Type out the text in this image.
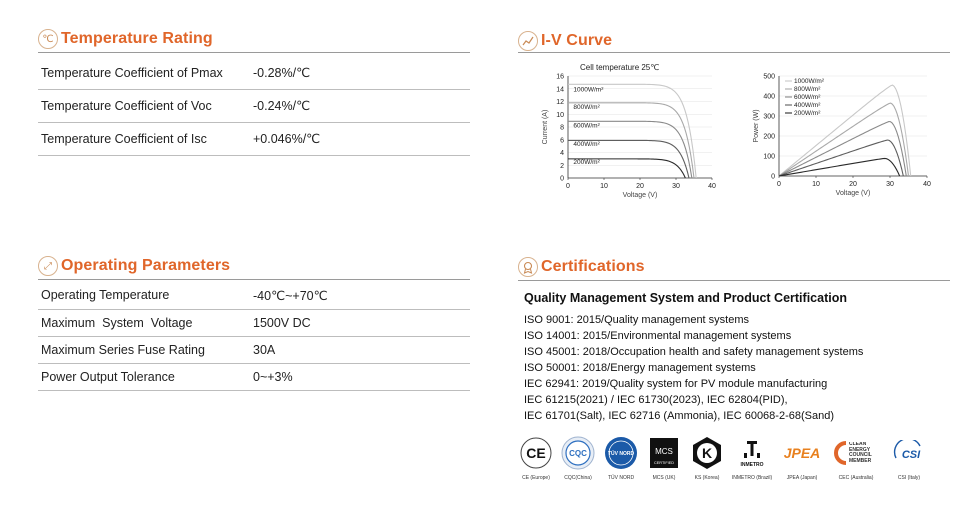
℃ Temperature Rating
Temperature Coefficient of Pmax	-0.28%/℃
Temperature Coefficient of Voc	-0.24%/℃
Temperature Coefficient of Isc	+0.046%/℃
⤢ Operating Parameters
Operating Temperature	-40℃~+70℃
Maximum  System  Voltage	1500V DC
Maximum Series Fuse Rating	30A
Power Output Tolerance	0~+3%
I-V Curve
Cell temperature 25℃
0
2
4
6
8
10
12
14
16
0	10	20	30	40
Voltage (V)
Current (A)
1000W/m²
800W/m²
600W/m²
400W/m²
200W/m²
0
100
200
300
400
500
0	10	20	30	40
Voltage (V)
Power (W)
1000W/m²
800W/m²
600W/m²
400W/m²
200W/m²
Certifications
Quality Management System and Product Certification
ISO 9001: 2015/Quality management systems
ISO 14001: 2015/Environmental management systems
ISO 45001: 2018/Occupation health and safety management systems
ISO 50001: 2018/Energy management systems
IEC 62941: 2019/Quality system for PV module manufacturing
IEC 61215(2021) / IEC 61730(2023), IEC 62804(PID),
IEC 61701(Salt), IEC 62716 (Ammonia), IEC 60068-2-68(Sand)
CE
CE (Europe)
CQC
CQC(China)
TÜV NORD
TÜV NORD
MCS
CERTIFIED
MCS (UK)
K
KS (Korea)
INMETRO
INMETRO (Brazil)
JPEA
JPEA (Japan)
CLEAN ENERGY COUNCIL MEMBER
CEC (Australia)
CSI
CSI (Italy)
